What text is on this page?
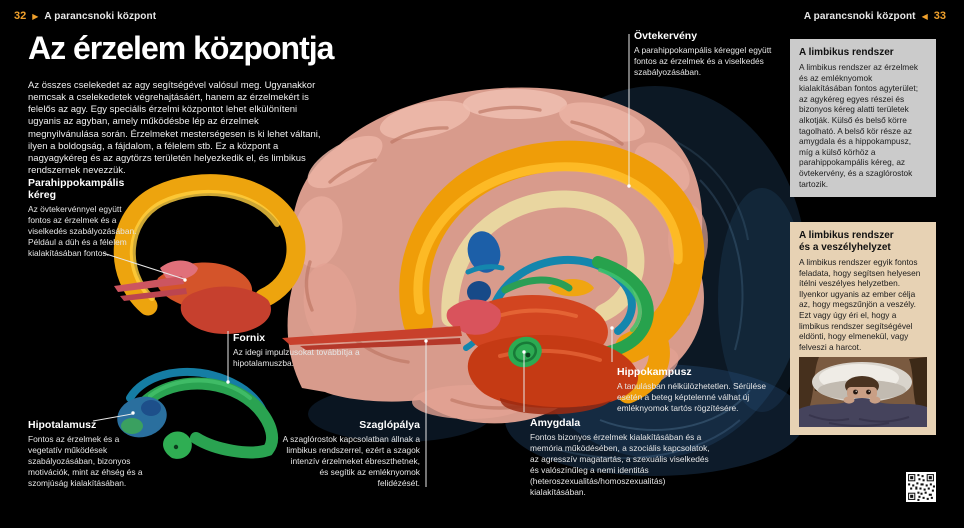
32 ▶ A parancsnoki központ	A parancsnoki központ ◀ 33
Az érzelem központja

Az összes cselekedet az agy segítségével valósul meg. Ugyanakkor nemcsak a cselekedetek végrehajtásáért, hanem az érzelmekért is felelős az agy. Egy speciális érzelmi központot lehet elkülöníteni ugyanis az agyban, amely működésbe lép az érzelmek megnyilvánulása során. Érzelmeket mesterségesen is ki lehet váltani, ilyen a boldogság, a fájdalom, a félelem stb. Ez a központ a nagyagykéreg és az agytörzs területén helyezkedik el, és limbikus rendszernek nevezzük.

Parahippokampális kéreg
Az övtekervénnyel együtt fontos az érzelmek és a viselkedés szabályozásában. Például a düh és a félelem kialakításában fontos.
Fornix
Az idegi impulzusokat továbbítja a hipotalamuszba.
Hipotalamusz
Fontos az érzelmek és a vegetatív működések szabályozásában, bizonyos motivációk, mint az éhség és a szomjúság kialakításában.
Szaglópálya
A szaglórostok kapcsolatban állnak a limbikus rendszerrel, ezért a szagok intenzív érzelmeket ébreszthetnek, és segítik az emléknyomok felidézését.
Amygdala
Fontos bizonyos érzelmek kialakításában és a memória működésében, a szociális kapcsolatok, az agresszív magatartás, a szexuális viselkedés és valószínűleg a nemi identitás (heteroszexualitás/homoszexualitás) kialakításában.
Hippokampusz
A tanulásban nélkülözhetetlen. Sérülése esetén a beteg képtelenné válhat új emléknyomok tartós rögzítésére.
Övtekervény
A parahippokampális kéreggel együtt fontos az érzelmek és a viselkedés szabályozásában.
A limbikus rendszer
A limbikus rendszer az érzelmek és az emléknyomok kialakításában fontos agyterület; az agykéreg egyes részei és bizonyos kéreg alatti területek alkotják. Külső és belső körre tagolható. A belső kör része az amygdala és a hippokampusz, míg a külső körhöz a parahippokampális kéreg, az övtekervény, és a szaglórostok tartozik.
A limbikus rendszer és a veszélyhelyzet
A limbikus rendszer egyik fontos feladata, hogy segítsen helyesen ítélni veszélyes helyzetben. Ilyenkor ugyanis az ember célja az, hogy megszűnjön a veszély. Ezt vagy úgy éri el, hogy a limbikus rendszer segítségével eldönti, hogy elmenekül, vagy felveszi a harcot.
